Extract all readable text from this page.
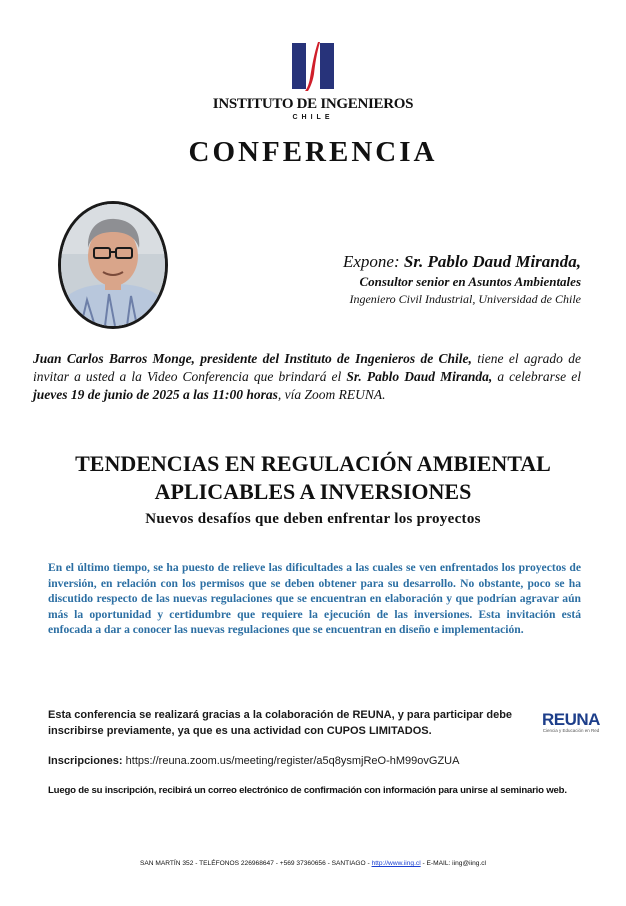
INSTITUTO DE INGENIEROS
CHILE
CONFERENCIA
Expone: Sr. Pablo Daud Miranda,
Consultor senior en Asuntos Ambientales
Ingeniero Civil Industrial, Universidad de Chile
Juan Carlos Barros Monge, presidente del Instituto de Ingenieros de Chile, tiene el agrado de invitar a usted a la Video Conferencia que brindará el Sr. Pablo Daud Miranda, a celebrarse el jueves 19 de junio de 2025 a las 11:00 horas, vía Zoom REUNA.
TENDENCIAS EN REGULACIÓN AMBIENTAL
APLICABLES A INVERSIONES
Nuevos desafíos que deben enfrentar los proyectos
En el último tiempo, se ha puesto de relieve las dificultades a las cuales se ven enfrentados los proyectos de inversión, en relación con los permisos que se deben obtener para su desarrollo. No obstante, poco se ha discutido respecto de las nuevas regulaciones que se encuentran en elaboración y que podrían agravar aún más la oportunidad y certidumbre que requiere la ejecución de las inversiones. Esta invitación está enfocada a dar a conocer las nuevas regulaciones que se encuentran en diseño e implementación.
Esta conferencia se realizará gracias a la colaboración de REUNA, y para participar debe inscribirse previamente, ya que es una actividad con CUPOS LIMITADOS.
REUNA
Ciencia y Educación en Red
Inscripciones: https://reuna.zoom.us/meeting/register/a5q8ysmjReO-hM99ovGZUA
Luego de su inscripción, recibirá un correo electrónico de confirmación con información para unirse al seminario web.
SAN MARTÍN 352 - TELÉFONOS 226968647 - +569 37360656 - SANTIAGO - http://www.iing.cl - E-MAIL: iing@iing.cl
